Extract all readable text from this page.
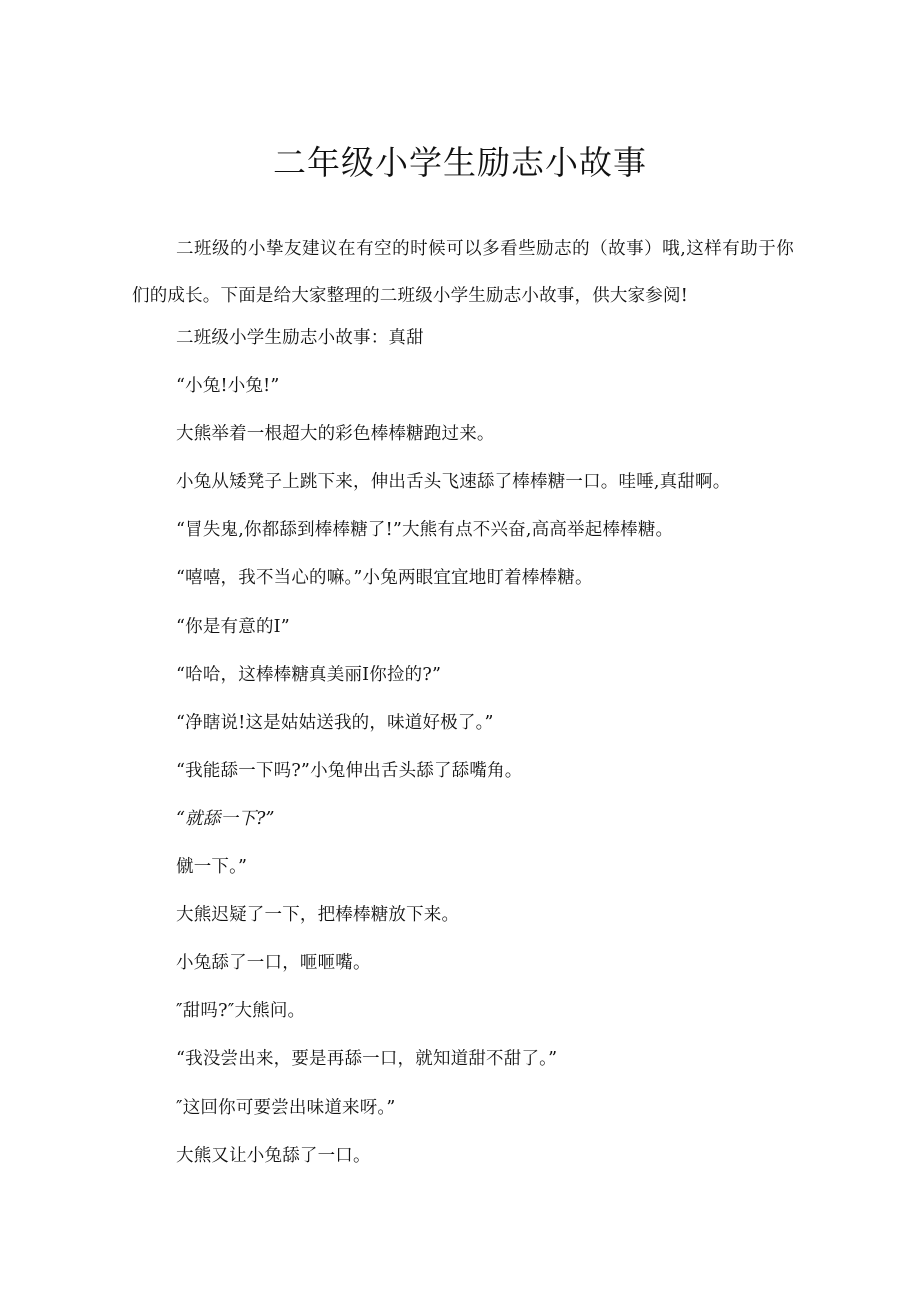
二年级小学生励志小故事

二班级的小挚友建议在有空的时候可以多看些励志的（故事）哦,这样有助于你们的成长。下面是给大家整理的二班级小学生励志小故事，供大家参阅!

二班级小学生励志小故事：真甜
“小兔!小兔!”
大熊举着一根超大的彩色棒棒糖跑过来。
小兔从矮凳子上跳下来，伸出舌头飞速舔了棒棒糖一口。哇唾,真甜啊。
“冒失鬼,你都舔到棒棒糖了!”大熊有点不兴奋,高高举起棒棒糖。
“嘻嘻，我不当心的嘛。”小兔两眼宜宜地盯着棒棒糖。
“你是有意的I”
“哈哈，这棒棒糖真美丽I你捡的?”
“净瞎说!这是姑姑送我的，味道好极了。”
“我能舔一下吗?”小兔伸出舌头舔了舔嘴角。
“就舔一下?”
僦一下。”
大熊迟疑了一下，把棒棒糖放下来。
小兔舔了一口，咂咂嘴。
″甜吗?″大熊问。
“我没尝出来，要是再舔一口，就知道甜不甜了。”
″这回你可要尝出味道来呀。”
大熊又让小兔舔了一口。
